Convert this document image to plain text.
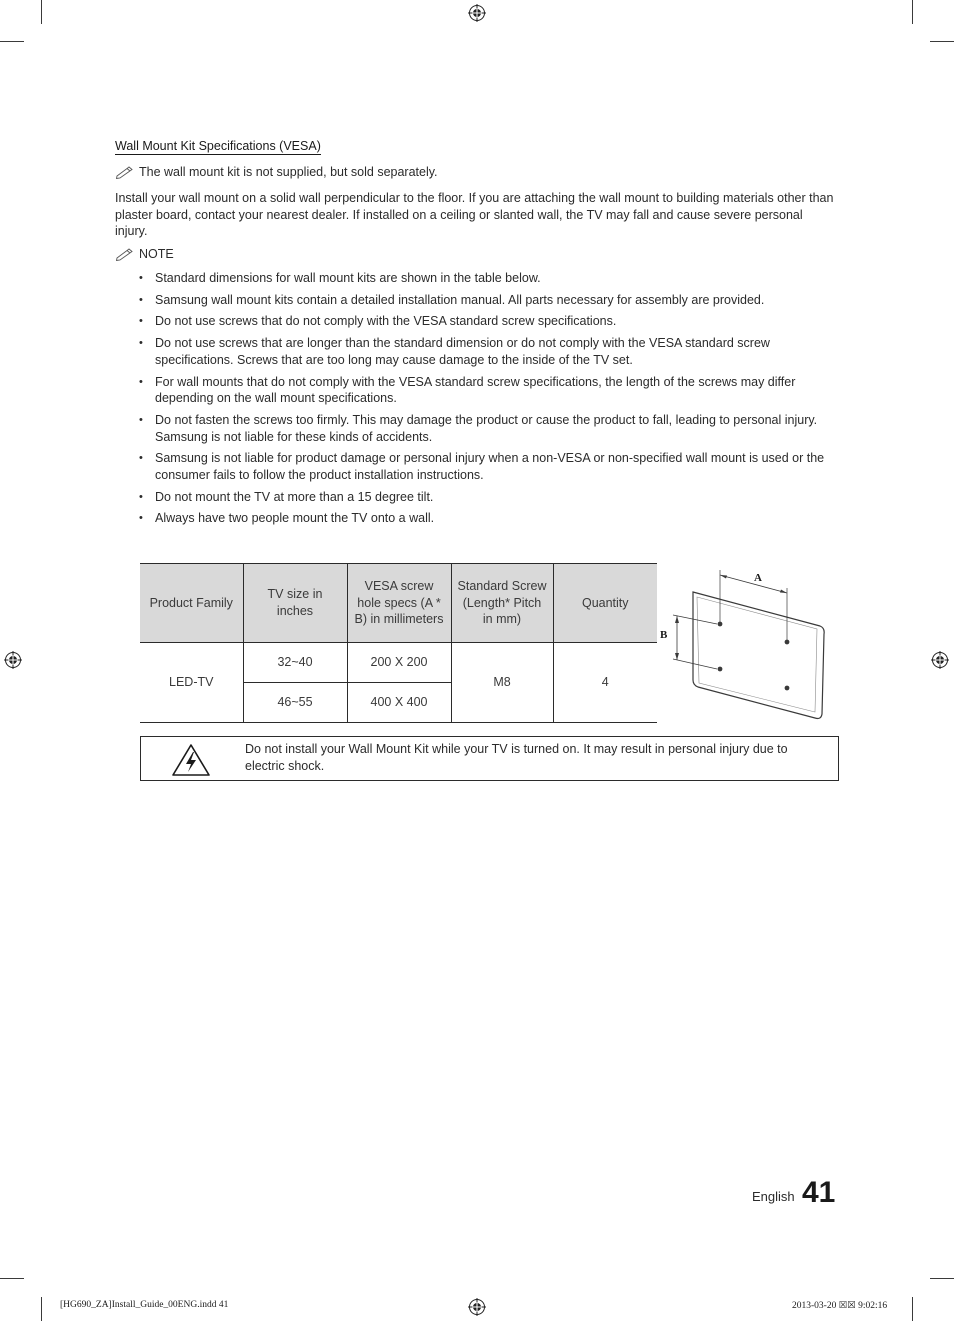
Wall Mount Kit Specifications (VESA)
The wall mount kit is not supplied, but sold separately.

Install your wall mount on a solid wall perpendicular to the floor. If you are attaching the wall mount to building materials other than plaster board, contact your nearest dealer. If installed on a ceiling or slanted wall, the TV may fall and cause severe personal injury.

NOTE
• Standard dimensions for wall mount kits are shown in the table below.
• Samsung wall mount kits contain a detailed installation manual. All parts necessary for assembly are provided.
• Do not use screws that do not comply with the VESA standard screw specifications.
• Do not use screws that are longer than the standard dimension or do not comply with the VESA standard screw specifications. Screws that are too long may cause damage to the inside of the TV set.
• For wall mounts that do not comply with the VESA standard screw specifications, the length of the screws may differ depending on the wall mount specifications.
• Do not fasten the screws too firmly. This may damage the product or cause the product to fall, leading to personal injury. Samsung is not liable for these kinds of accidents.
• Samsung is not liable for product damage or personal injury when a non-VESA or non-specified wall mount is used or the consumer fails to follow the product installation instructions.
• Do not mount the TV at more than a 15 degree tilt.
• Always have two people mount the TV onto a wall.
Product Family	TV size in inches	VESA screw hole specs (A * B) in millimeters	Standard Screw (Length* Pitch in mm)	Quantity
LED-TV	32~40	200 X 200	M8	4
	46~55	400 X 400		
A
B

Do not install your Wall Mount Kit while your TV is turned on. It may result in personal injury due to electric shock.

English 41
[HG690_ZA]Install_Guide_00ENG.indd 41	2013-03-20 ☒☒ 9:02:16
